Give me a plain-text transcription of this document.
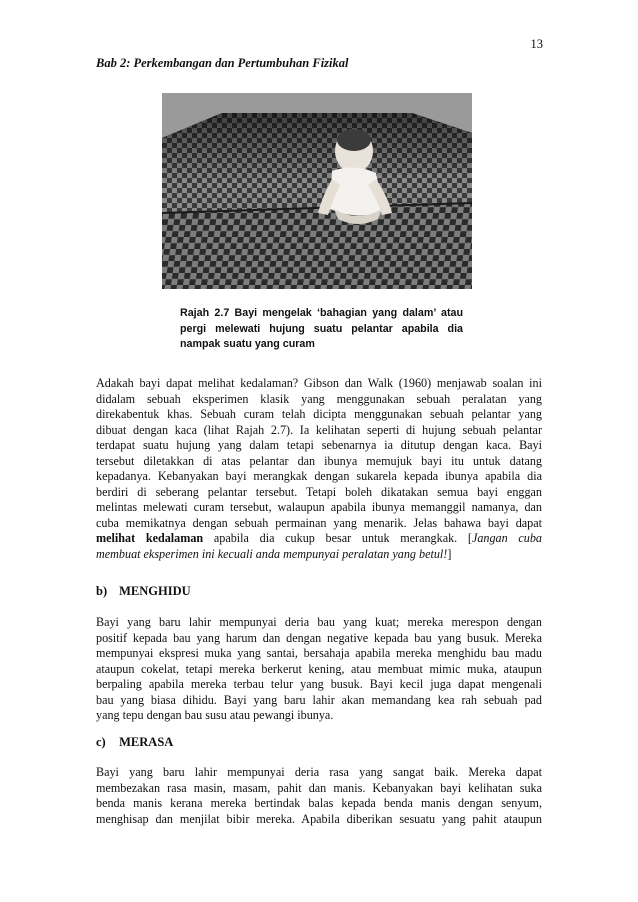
13
Bab 2: Perkembangan dan Pertumbuhan Fizikal
Rajah 2.7 Bayi mengelak ‘bahagian yang dalam’ atau
pergi melewati hujung suatu pelantar apabila dia
nampak suatu yang curam
Adakah bayi dapat melihat kedalaman? Gibson dan Walk (1960) menjawab soalan ini
didalam sebuah eksperimen klasik yang menggunakan sebuah peralatan yang
direkabentuk khas. Sebuah curam telah dicipta menggunakan sebuah pelantar yang
dibuat dengan kaca (lihat Rajah 2.7). Ia kelihatan seperti di hujung sebuah pelantar
terdapat suatu hujung yang dalam tetapi sebenarnya ia ditutup dengan kaca. Bayi
tersebut diletakkan di atas pelantar dan ibunya memujuk bayi itu untuk datang
kepadanya. Kebanyakan bayi merangkak dengan sukarela kepada ibunya apabila dia
berdiri di seberang pelantar tersebut. Tetapi boleh dikatakan semua bayi enggan
melintas melewati curam tersebut, walaupun apabila ibunya memanggil namanya, dan
cuba memikatnya dengan sebuah permainan yang menarik. Jelas bahawa bayi dapat
melihat kedalaman apabila dia cukup besar untuk merangkak. [Jangan cuba
membuat eksperimen ini kecuali anda mempunyai peralatan yang betul!]
b) MENGHIDU
Bayi yang baru lahir mempunyai deria bau yang kuat; mereka merespon dengan
positif kepada bau yang harum dan dengan negative kepada bau yang busuk. Mereka
mempunyai ekspresi muka yang santai, bersahaja apabila mereka menghidu bau madu
ataupun cokelat, tetapi mereka berkerut kening, atau membuat mimic muka, ataupun
berpaling apabila mereka terbau telur yang busuk. Bayi kecil juga dapat mengenali
bau yang biasa dihidu. Bayi yang baru lahir akan memandang kea rah sebuah pad
yang tepu dengan bau susu atau pewangi ibunya.
c) MERASA
Bayi yang baru lahir mempunyai deria rasa yang sangat baik. Mereka dapat
membezakan rasa masin, masam, pahit dan manis. Kebanyakan bayi kelihatan suka
benda manis kerana mereka bertindak balas kepada benda manis dengan senyum,
menghisap dan menjilat bibir mereka. Apabila diberikan sesuatu yang pahit ataupun
